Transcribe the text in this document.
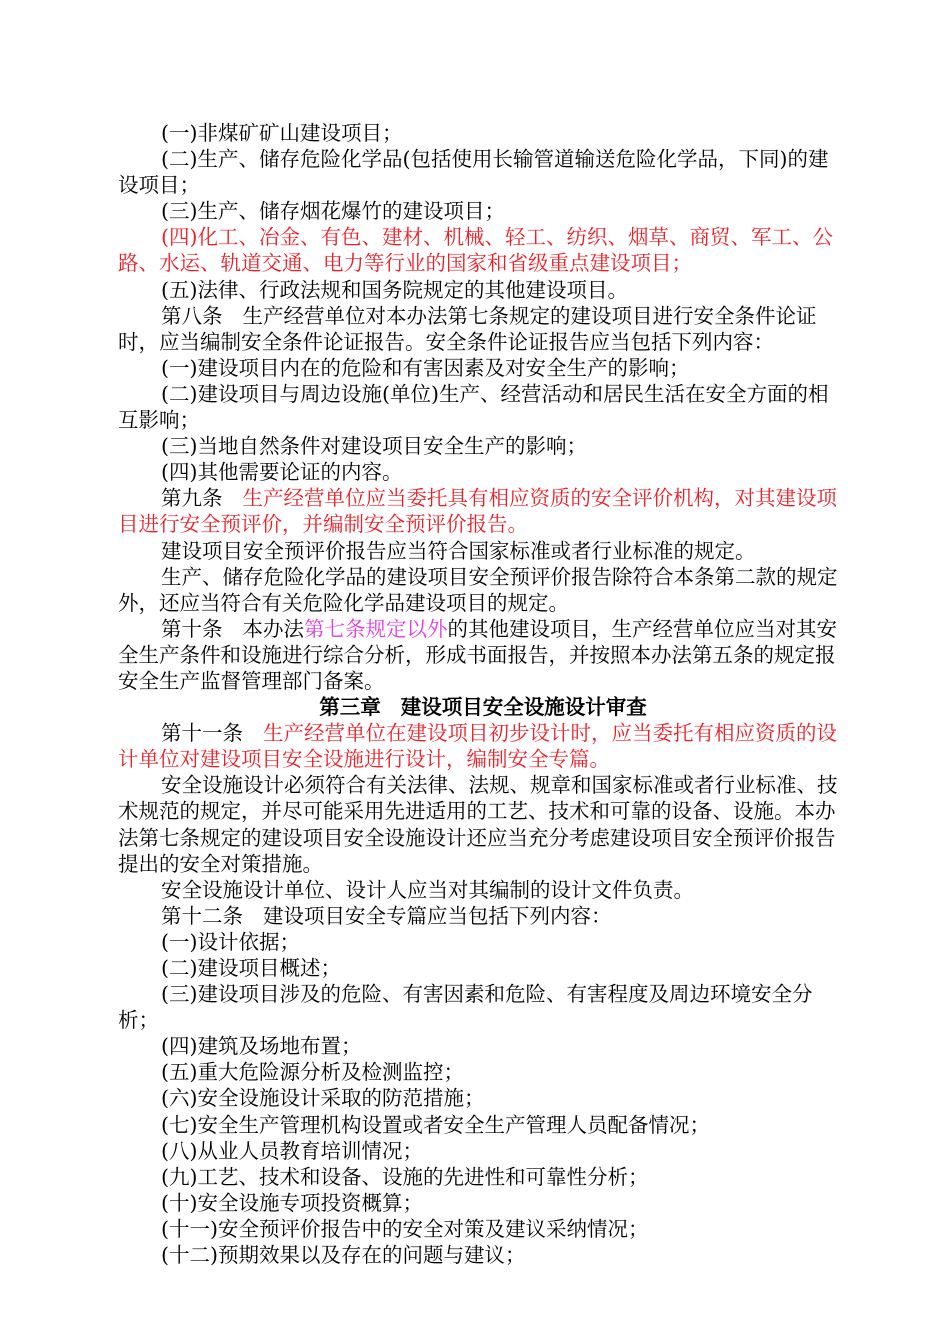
(一)非煤矿矿山建设项目；

(二)生产、储存危险化学品(包括使用长输管道输送危险化学品，下同)的建设项目；

(三)生产、储存烟花爆竹的建设项目；

(四)化工、冶金、有色、建材、机械、轻工、纺织、烟草、商贸、军工、公路、水运、轨道交通、电力等行业的国家和省级重点建设项目；

(五)法律、行政法规和国务院规定的其他建设项目。

第八条 生产经营单位对本办法第七条规定的建设项目进行安全条件论证时，应当编制安全条件论证报告。安全条件论证报告应当包括下列内容：

(一)建设项目内在的危险和有害因素及对安全生产的影响；

(二)建设项目与周边设施(单位)生产、经营活动和居民生活在安全方面的相互影响；

(三)当地自然条件对建设项目安全生产的影响；

(四)其他需要论证的内容。

第九条 生产经营单位应当委托具有相应资质的安全评价机构，对其建设项目进行安全预评价，并编制安全预评价报告。

建设项目安全预评价报告应当符合国家标准或者行业标准的规定。

生产、储存危险化学品的建设项目安全预评价报告除符合本条第二款的规定外，还应当符合有关危险化学品建设项目的规定。

第十条 本办法第七条规定以外的其他建设项目，生产经营单位应当对其安全生产条件和设施进行综合分析，形成书面报告，并按照本办法第五条的规定报安全生产监督管理部门备案。

第三章 建设项目安全设施设计审查

第十一条 生产经营单位在建设项目初步设计时，应当委托有相应资质的设计单位对建设项目安全设施进行设计，编制安全专篇。

安全设施设计必须符合有关法律、法规、规章和国家标准或者行业标准、技术规范的规定，并尽可能采用先进适用的工艺、技术和可靠的设备、设施。本办法第七条规定的建设项目安全设施设计还应当充分考虑建设项目安全预评价报告提出的安全对策措施。

安全设施设计单位、设计人应当对其编制的设计文件负责。

第十二条 建设项目安全专篇应当包括下列内容：

(一)设计依据；

(二)建设项目概述；

(三)建设项目涉及的危险、有害因素和危险、有害程度及周边环境安全分析；

(四)建筑及场地布置；

(五)重大危险源分析及检测监控；

(六)安全设施设计采取的防范措施；

(七)安全生产管理机构设置或者安全生产管理人员配备情况；

(八)从业人员教育培训情况；

(九)工艺、技术和设备、设施的先进性和可靠性分析；

(十)安全设施专项投资概算；

(十一)安全预评价报告中的安全对策及建议采纳情况；

(十二)预期效果以及存在的问题与建议；
